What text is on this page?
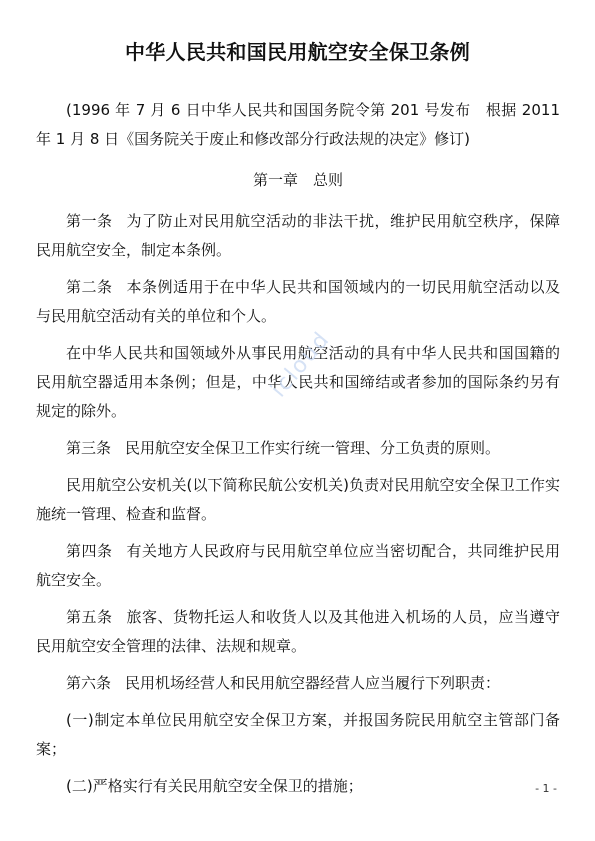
中华人民共和国民用航空安全保卫条例

(1996 年 7 月 6 日中华人民共和国国务院令第 201 号发布　根据 2011 年 1 月 8 日《国务院关于废止和修改部分行政法规的决定》修订)

第一章　总则

第一条 为了防止对民用航空活动的非法干扰，维护民用航空秩序，保障民用航空安全，制定本条例。

第二条 本条例适用于在中华人民共和国领域内的一切民用航空活动以及与民用航空活动有关的单位和个人。

在中华人民共和国领域外从事民用航空活动的具有中华人民共和国国籍的民用航空器适用本条例；但是，中华人民共和国缔结或者参加的国际条约另有规定的除外。

第三条 民用航空安全保卫工作实行统一管理、分工负责的原则。

民用航空公安机关(以下简称民航公安机关)负责对民用航空安全保卫工作实施统一管理、检查和监督。

第四条 有关地方人民政府与民用航空单位应当密切配合，共同维护民用航空安全。

第五条 旅客、货物托运人和收货人以及其他进入机场的人员，应当遵守民用航空安全管理的法律、法规和规章。

第六条 民用机场经营人和民用航空器经营人应当履行下列职责：

(一)制定本单位民用航空安全保卫方案，并报国务院民用航空主管部门备案；

(二)严格实行有关民用航空安全保卫的措施；

icloud
- 1 -
